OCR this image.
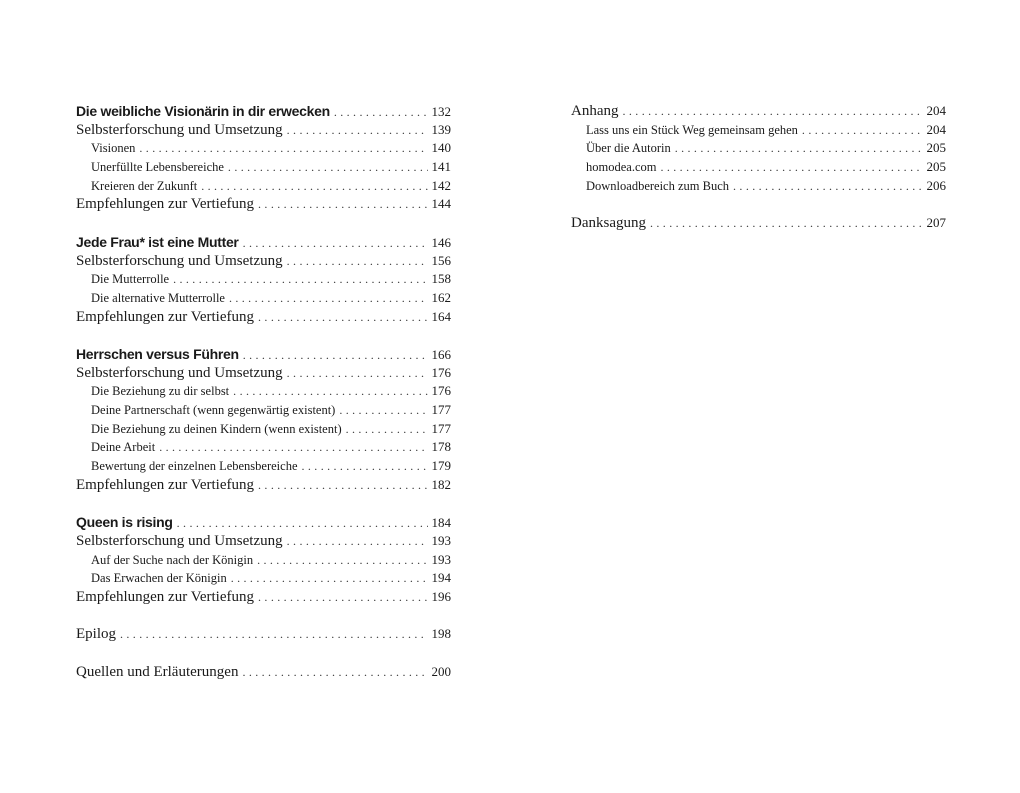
Die weibliche Visionärin in dir erwecken .....	132
Selbsterforschung und Umsetzung .....	139
Visionen .....	140
Unerfüllte Lebensbereiche .....	141
Kreieren der Zukunft .....	142
Empfehlungen zur Vertiefung .....	144
Jede Frau* ist eine Mutter .....	146
Selbsterforschung und Umsetzung .....	156
Die Mutterrolle .....	158
Die alternative Mutterrolle .....	162
Empfehlungen zur Vertiefung .....	164
Herrschen versus Führen .....	166
Selbsterforschung und Umsetzung .....	176
Die Beziehung zu dir selbst .....	176
Deine Partnerschaft (wenn gegenwärtig existent) .....	177
Die Beziehung zu deinen Kindern (wenn existent) .....	177
Deine Arbeit .....	178
Bewertung der einzelnen Lebensbereiche .....	179
Empfehlungen zur Vertiefung .....	182
Queen is rising .....	184
Selbsterforschung und Umsetzung .....	193
Auf der Suche nach der Königin .....	193
Das Erwachen der Königin .....	194
Empfehlungen zur Vertiefung .....	196
Epilog .....	198
Quellen und Erläuterungen .....	200
Anhang .....	204
Lass uns ein Stück Weg gemeinsam gehen .....	204
Über die Autorin .....	205
homodea.com .....	205
Downloadbereich zum Buch .....	206
Danksagung .....	207
